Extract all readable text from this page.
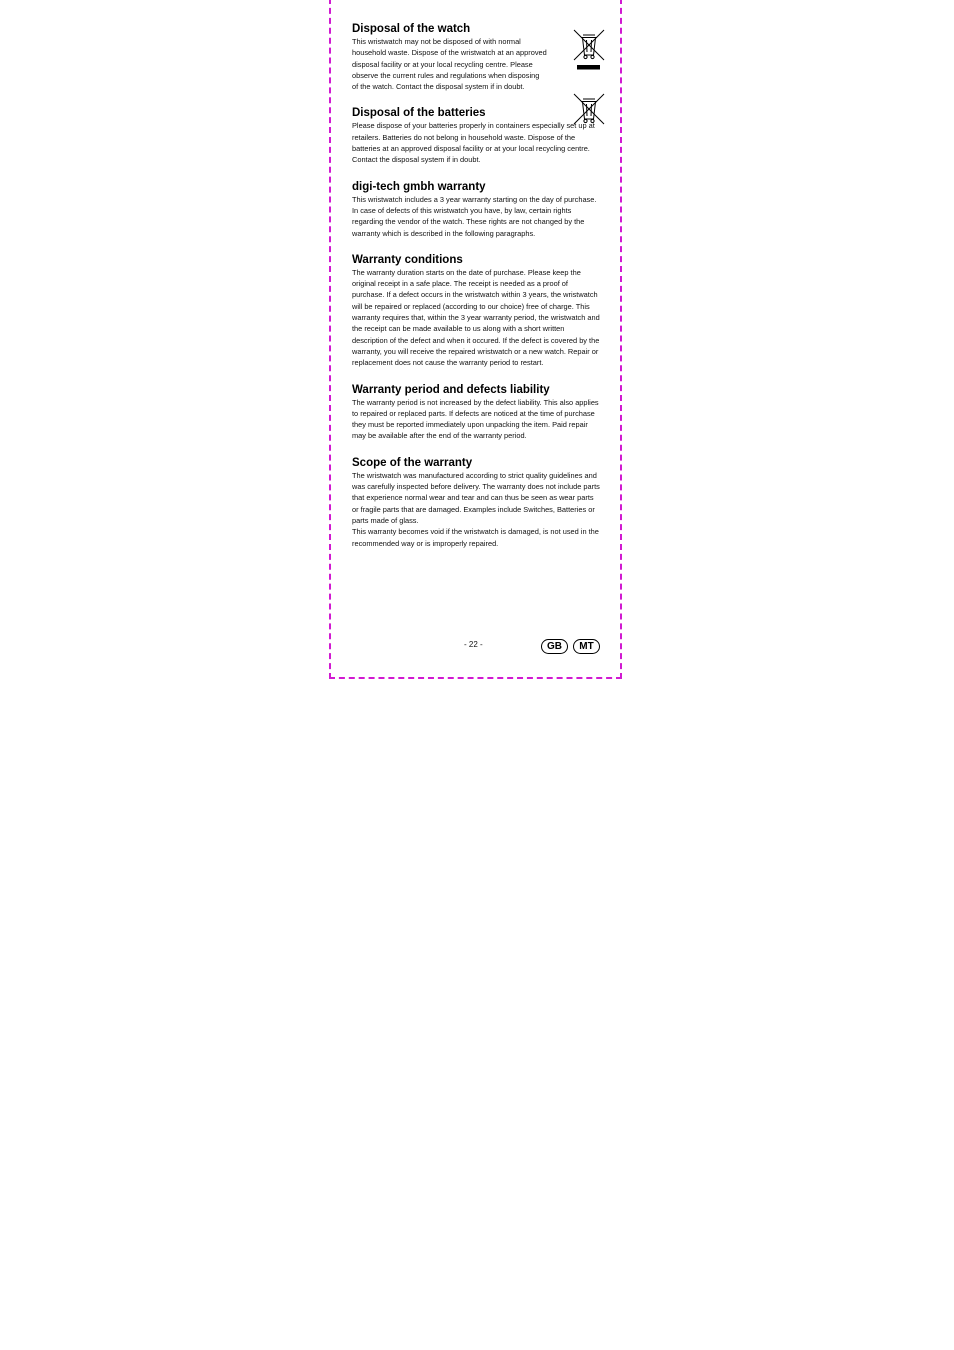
Disposal of the watch

This wristwatch may not be disposed of with normal household waste. Dispose of the wristwatch at an approved disposal facility or at your local recycling centre. Please observe the current rules and regulations when disposing of the watch. Contact the disposal system if in doubt.

Disposal of the batteries

Please dispose of your batteries properly in containers especially set up at retailers. Batteries do not belong in household waste. Dispose of the batteries at an approved disposal facility or at your local recycling centre. Contact the disposal system if in doubt.

digi-tech gmbh warranty

This wristwatch includes a 3 year warranty starting on the day of purchase. In case of defects of this wristwatch you have, by law, certain rights regarding the vendor of the watch. These rights are not changed by the warranty which is described in the following paragraphs.

Warranty conditions

The warranty duration starts on the date of purchase. Please keep the original receipt in a safe place. The receipt is needed as a proof of purchase. If a defect occurs in the wristwatch within 3 years, the wristwatch will be repaired or replaced (according to our choice) free of charge. This warranty requires that, within the 3 year warranty period, the wristwatch and the receipt can be made available to us along with a short written description of the defect and when it occured. If the defect is covered by the warranty, you will receive the repaired wristwatch or a new watch. Repair or replacement does not cause the warranty period to restart.

Warranty period and defects liability

The warranty period is not increased by the defect liability. This also applies to repaired or replaced parts. If defects are noticed at the time of purchase they must be reported immediately upon unpacking the item. Paid repair may be available after the end of the warranty period.

Scope of the warranty

The wristwatch was manufactured according to strict quality guidelines and was carefully inspected before delivery. The warranty does not include parts that experience normal wear and tear and can thus be seen as wear parts or fragile parts that are damaged. Examples include Switches, Batteries or parts made of glass.

This warranty becomes void if the wristwatch is damaged, is not used in the recommended way or is improperly repaired.

- 22 -	GB	MT
